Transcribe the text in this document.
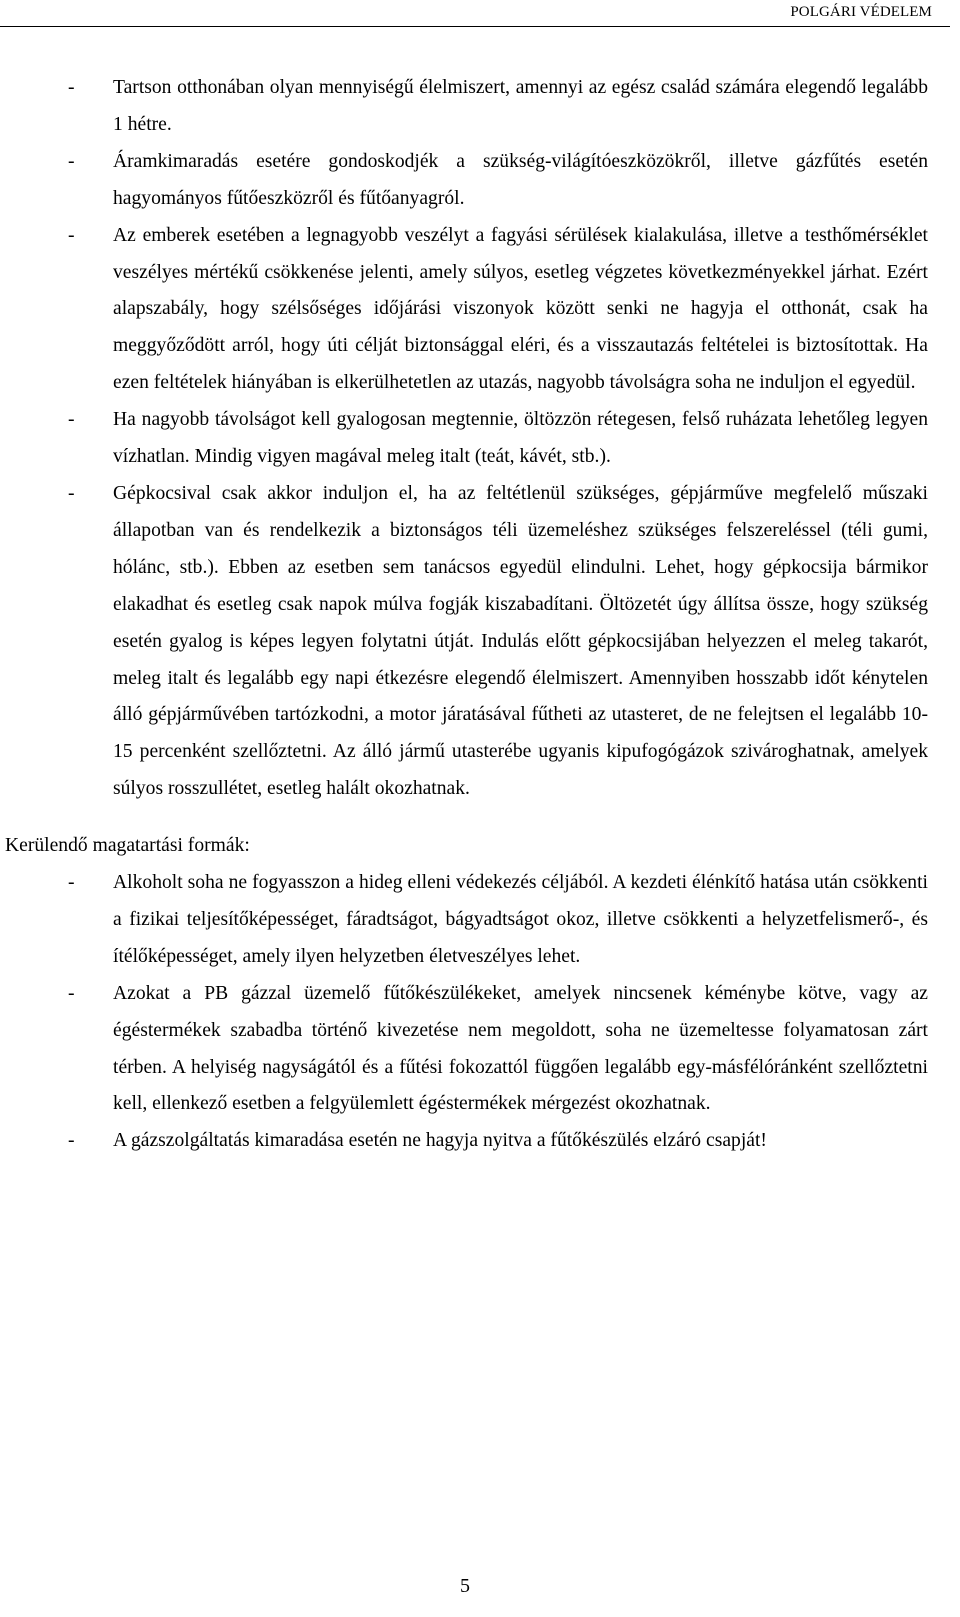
POLGÁRI VÉDELEM
- Tartson otthonában olyan mennyiségű élelmiszert, amennyi az egész család számára elegendő legalább 1 hétre.
- Áramkimaradás esetére gondoskodjék a szükség-világítóeszközökről, illetve gázfűtés esetén hagyományos fűtőeszközről és fűtőanyagról.
- Az emberek esetében a legnagyobb veszélyt a fagyási sérülések kialakulása, illetve a testhőmérséklet veszélyes mértékű csökkenése jelenti, amely súlyos, esetleg végzetes következményekkel járhat. Ezért alapszabály, hogy szélsőséges időjárási viszonyok között senki ne hagyja el otthonát, csak ha meggyőződött arról, hogy úti célját biztonsággal eléri, és a visszautazás feltételei is biztosítottak. Ha ezen feltételek hiányában is elkerülhetetlen az utazás, nagyobb távolságra soha ne induljon el egyedül.
- Ha nagyobb távolságot kell gyalogosan megtennie, öltözzön rétegesen, felső ruházata lehetőleg legyen vízhatlan. Mindig vigyen magával meleg italt (teát, kávét, stb.).
- Gépkocsival csak akkor induljon el, ha az feltétlenül szükséges, gépjárműve megfelelő műszaki állapotban van és rendelkezik a biztonságos téli üzemeléshez szükséges felszereléssel (téli gumi, hólánc, stb.). Ebben az esetben sem tanácsos egyedül elindulni. Lehet, hogy gépkocsija bármikor elakadhat és esetleg csak napok múlva fogják kiszabadítani. Öltözetét úgy állítsa össze, hogy szükség esetén gyalog is képes legyen folytatni útját. Indulás előtt gépkocsijában helyezzen el meleg takarót, meleg italt és legalább egy napi étkezésre elegendő élelmiszert. Amennyiben hosszabb időt kénytelen álló gépjárművében tartózkodni, a motor járatásával fűtheti az utasteret, de ne felejtsen el legalább 10-15 percenként szellőztetni. Az álló jármű utasterébe ugyanis kipufogógázok szivároghatnak, amelyek súlyos rosszullétet, esetleg halált okozhatnak.
Kerülendő magatartási formák:
- Alkoholt soha ne fogyasszon a hideg elleni védekezés céljából. A kezdeti élénkítő hatása után csökkenti a fizikai teljesítőképességet, fáradtságot, bágyadtságot okoz, illetve csökkenti a helyzetfelismerő-, és ítélőképességet, amely ilyen helyzetben életveszélyes lehet.
- Azokat a PB gázzal üzemelő fűtőkészülékeket, amelyek nincsenek kéménybe kötve, vagy az égéstermékek szabadba történő kivezetése nem megoldott, soha ne üzemeltesse folyamatosan zárt térben. A helyiség nagyságától és a fűtési fokozattól függően legalább egy-másfélóránként szellőztetni kell, ellenkező esetben a felgyülemlett égéstermékek mérgezést okozhatnak.
- A gázszolgáltatás kimaradása esetén ne hagyja nyitva a fűtőkészülés elzáró csapját!
5
